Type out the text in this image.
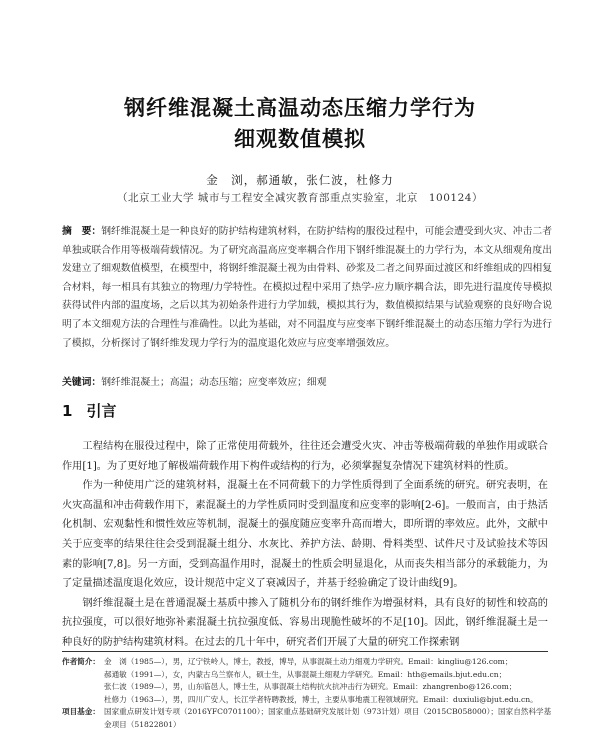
钢纤维混凝土高温动态压缩力学行为
细观数值模拟
金　浏，郝通敏，张仁波，杜修力
（北京工业大学 城市与工程安全减灾教育部重点实验室，北京　100124）
摘　要：钢纤维混凝土是一种良好的防护结构建筑材料，在防护结构的服役过程中，可能会遭受到火灾、冲击二者单独或联合作用等极端荷载情况。为了研究高温高应变率耦合作用下钢纤维混凝土的力学行为，本文从细观角度出发建立了细观数值模型，在模型中，将钢纤维混凝土视为由骨料、砂浆及二者之间界面过渡区和纤维组成的四相复合材料，每一相具有其独立的物理/力学特性。在模拟过程中采用了热学-应力顺序耦合法，即先进行温度传导模拟获得试件内部的温度场，之后以其为初始条件进行力学加载，模拟其行为，数值模拟结果与试验观察的良好吻合说明了本文细观方法的合理性与准确性。以此为基础，对不同温度与应变率下钢纤维混凝土的动态压缩力学行为进行了模拟，分析探讨了钢纤维发现力学行为的温度退化效应与应变率增强效应。
关键词：钢纤维混凝土；高温；动态压缩；应变率效应；细观
1 引言

工程结构在服役过程中，除了正常使用荷载外，往往还会遭受火灾、冲击等极端荷载的单独作用或联合作用[1]。为了更好地了解极端荷载作用下构件或结构的行为，必须掌握复杂情况下建筑材料的性质。

作为一种使用广泛的建筑材料，混凝土在不同荷载下的力学性质得到了全面系统的研究。研究表明，在火灾高温和冲击荷载作用下，素混凝土的力学性质同时受到温度和应变率的影响[2-6]。一般而言，由于热活化机制、宏观黏性和惯性效应等机制，混凝土的强度随应变率升高而增大，即所谓的率效应。此外，文献中关于应变率的结果往往会受到混凝土组分、水灰比、养护方法、龄期、骨料类型、试件尺寸及试验技术等因素的影响[7,8]。另一方面，受到高温作用时，混凝土的性质会明显退化，从而丧失相当部分的承载能力，为了定量描述温度退化效应，设计规范中定义了衰减因子，并基于经验确定了设计曲线[9]。

钢纤维混凝土是在普通混凝土基质中掺入了随机分布的钢纤维作为增强材料，具有良好的韧性和较高的抗拉强度，可以很好地弥补素混凝土抗拉强度低、容易出现脆性破坏的不足[10]。因此，钢纤维混凝土是一种良好的防护结构建筑材料。在过去的几十年中，研究者们开展了大量的研究工作探索钢

作者简介： 金　浏（1985—），男，辽宁铁岭人，博士，教授，博导，从事混凝土动力细观力学研究。Email：kingliu@126.com；
郝通敏（1991—），女，内蒙古乌兰察布人，硕士生，从事混凝土细观力学研究。Email：hth@emails.bjut.edu.cn；
张仁波（1989—），男，山东临邑人，博士生，从事混凝土结构抗火抗冲击行为研究。Email：zhangrenbo@126.com；
杜修力（1963—），男，四川广安人，长江学者特聘教授，博士，主要从事地震工程领域研究。Email：duxiuli@bjut.edu.cn。
项目基金： 国家重点研发计划专项（2016YFC0701100）；国家重点基础研究发展计划（973计划）项目（2015CB058000）；国家自然科学基金项目（51822801）
